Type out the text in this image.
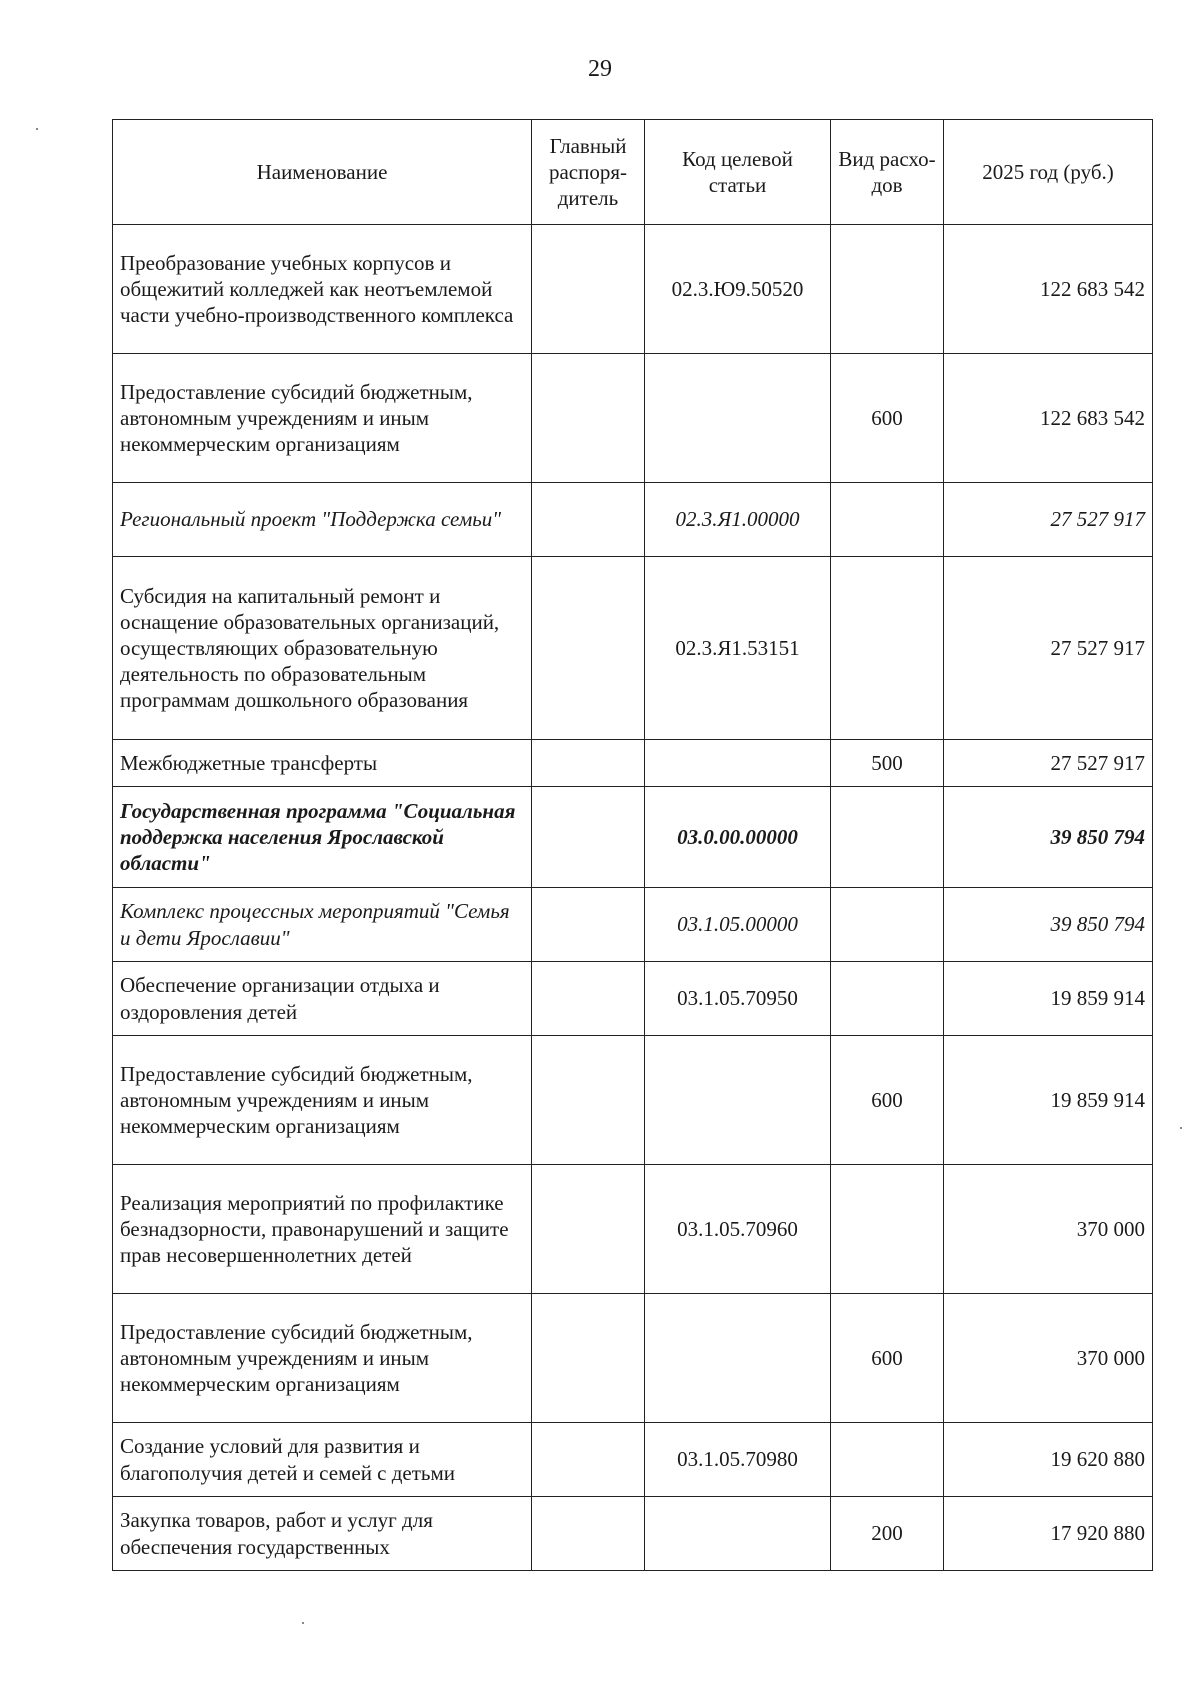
29
Наименование	Главный распоря-дитель	Код целевой статьи	Вид расхо-дов	2025 год (руб.)
Преобразование учебных корпусов и общежитий колледжей как неотъемлемой части учебно-производственного комплекса		02.3.Ю9.50520		122 683 542
Предоставление субсидий бюджетным, автономным учреждениям и иным некоммерческим организациям			600	122 683 542
Региональный проект "Поддержка семьи"		02.3.Я1.00000		27 527 917
Субсидия на капитальный ремонт и оснащение образовательных организаций, осуществляющих образовательную деятельность по образовательным программам дошкольного образования		02.3.Я1.53151		27 527 917
Межбюджетные трансферты			500	27 527 917
Государственная программа "Социальная поддержка населения Ярославской области"		03.0.00.00000		39 850 794
Комплекс процессных мероприятий "Семья и дети Ярославии"		03.1.05.00000		39 850 794
Обеспечение организации отдыха и оздоровления детей		03.1.05.70950		19 859 914
Предоставление субсидий бюджетным, автономным учреждениям и иным некоммерческим организациям			600	19 859 914
Реализация мероприятий по профилактике безнадзорности, правонарушений и защите прав несовершеннолетних детей		03.1.05.70960		370 000
Предоставление субсидий бюджетным, автономным учреждениям и иным некоммерческим организациям			600	370 000
Создание условий для развития и благополучия детей и семей с детьми		03.1.05.70980		19 620 880
Закупка товаров, работ и услуг для обеспечения государственных			200	17 920 880
